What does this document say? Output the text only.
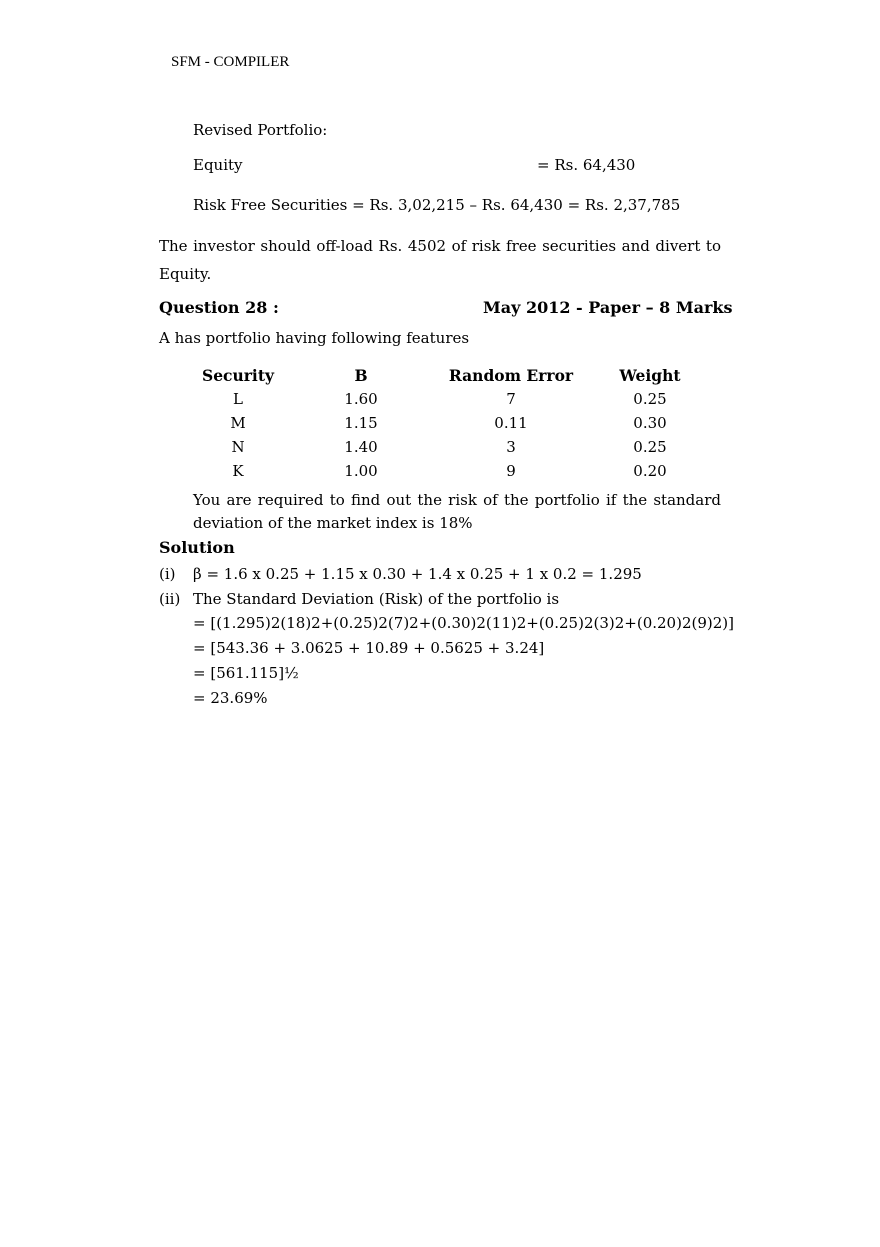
SFM - COMPILER
Revised Portfolio:
Equity	= Rs. 64,430
Risk Free Securities = Rs. 3,02,215 – Rs. 64,430 = Rs. 2,37,785
The investor should off-load Rs. 4502 of risk free securities and divert to
Equity.
Question 28 :	May 2012 - Paper – 8 Marks
A has portfolio having following features
Security	B	Random Error	Weight
L	1.60	7	0.25
M	1.15	0.11	0.30
N	1.40	3	0.25
K	1.00	9	0.20
You are required to find out the risk of the portfolio if the standard
deviation of the market index is 18%
Solution
(i) β = 1.6 x 0.25 + 1.15 x 0.30 + 1.4 x 0.25 + 1 x 0.2 = 1.295
(ii) The Standard Deviation (Risk) of the portfolio is
= [(1.295)2(18)2+(0.25)2(7)2+(0.30)2(11)2+(0.25)2(3)2+(0.20)2(9)2)]
= [543.36 + 3.0625 + 10.89 + 0.5625 + 3.24]
= [561.115]½
= 23.69%
